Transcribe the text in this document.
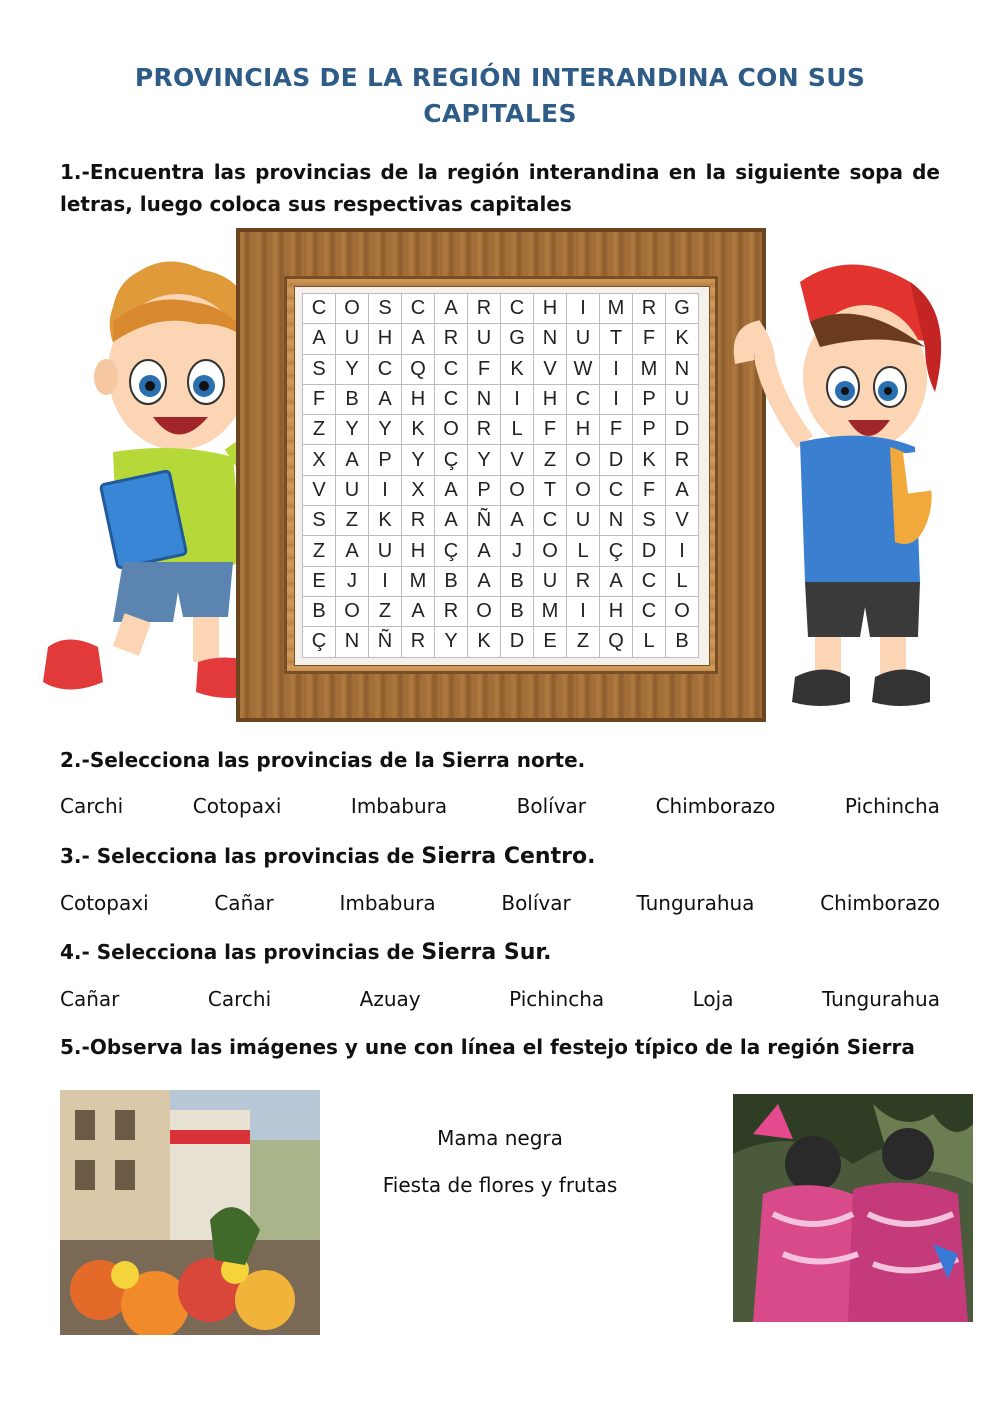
PROVINCIAS DE LA REGIÓN INTERANDINA CON SUS CAPITALES
1.-Encuentra las provincias de la región interandina en la siguiente sopa de letras, luego coloca sus respectivas capitales
C O S C A R C H	I	M R G
A U H A R U G N U T	F	K
S Y C Q C F	K V W	I	M N
F	B A H C N	I	H C	I	P U
Z	Y Y K O R	L	F H F	P D
X A P Y Ç Y V	Z O D K R
V U	I	X A P O T O C F	A
S	Z	K R A Ñ A C U N S V
Z	A U H Ç A	J	O L	Ç D	I
E	J	I	M B A B U R A C	L
B O Z	A R O B M	I	H C O
Ç N Ñ R Y K D E	Z Q L	B
2.-Selecciona las provincias de la Sierra norte.
Carchi	Cotopaxi	Imbabura	Bolívar	Chimborazo	Pichincha
3.- Selecciona las provincias de Sierra Centro.
Cotopaxi	Cañar	Imbabura	Bolívar	Tungurahua	Chimborazo
4.- Selecciona las provincias de Sierra Sur.
Cañar	Carchi	Azuay	Pichincha	Loja	Tungurahua
5.-Observa las imágenes y une con línea el festejo típico de la región Sierra
Mama negra
Fiesta de flores y frutas
